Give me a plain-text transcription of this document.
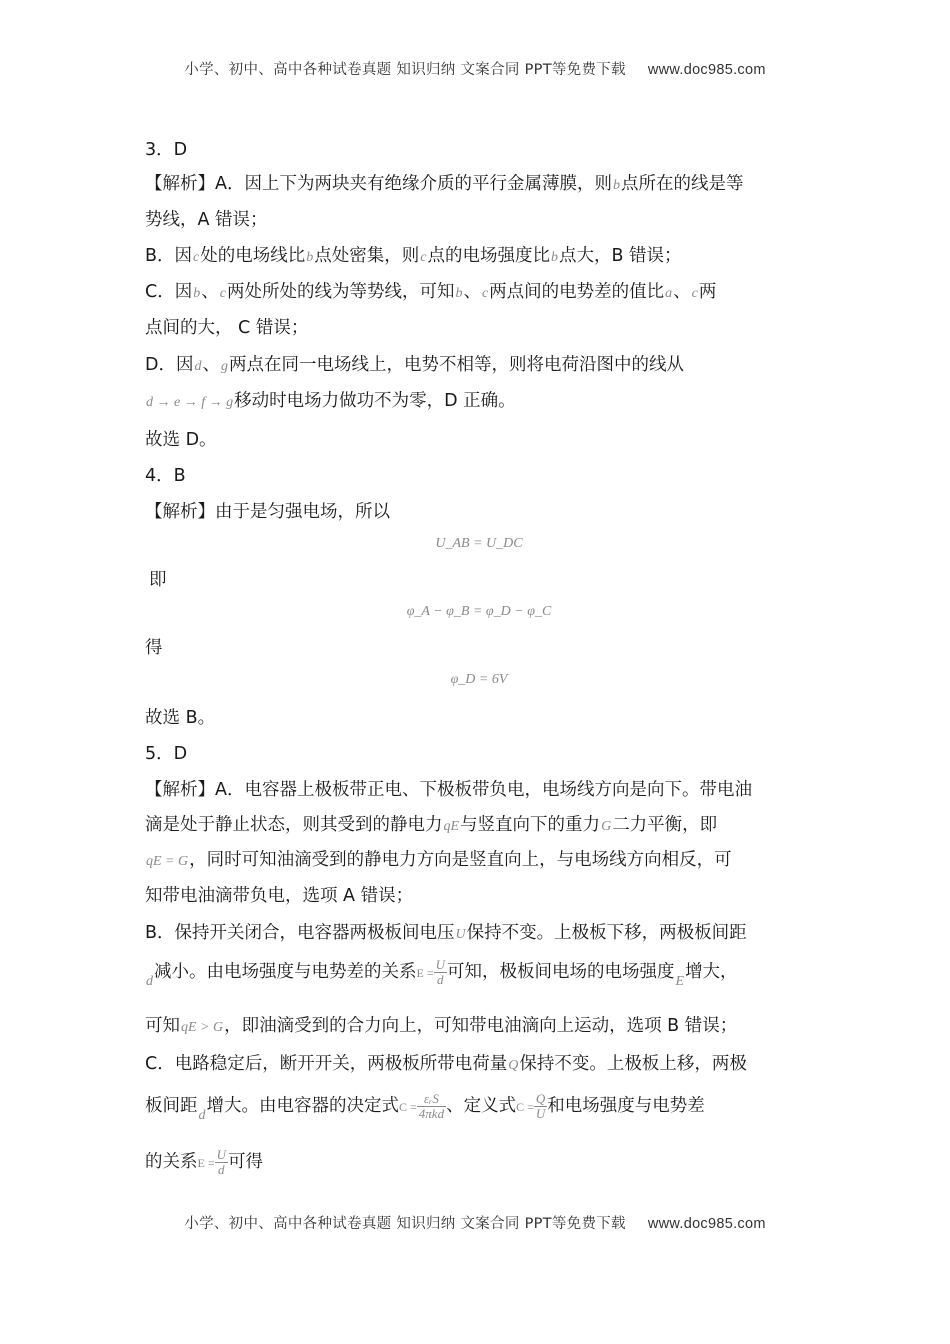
小学、初中、高中各种试卷真题 知识归纳 文案合同 PPT等免费下载 www.doc985.com
3．D
【解析】A．因上下为两块夹有绝缘介质的平行金属薄膜，则b点所在的线是等
势线，A 错误；
B．因c处的电场线比b点处密集，则c点的电场强度比b点大，B 错误；
C．因b、c两处所处的线为等势线，可知b、c两点间的电势差的值比a、c两
点间的大， C 错误；
D．因d、g两点在同一电场线上，电势不相等，则将电荷沿图中的线从
d → e → f → g移动时电场力做功不为零，D 正确。
故选 D。
4．B
【解析】由于是匀强电场，所以
U_AB = U_DC
即
φ_A − φ_B = φ_D − φ_C
得
φ_D = 6V
故选 B。
5．D
【解析】A．电容器上极板带正电、下极板带负电，电场线方向是向下。带电油
滴是处于静止状态，则其受到的静电力qE与竖直向下的重力G二力平衡，即
qE = G，同时可知油滴受到的静电力方向是竖直向上，与电场线方向相反，可
知带电油滴带负电，选项 A 错误；
B．保持开关闭合，电容器两极板间电压U保持不变。上极板下移，两极板间距
$_d$减小。由电场强度与电势差的关系$E = \frac{U}{d}$ 可知，极板间电场的电场强度$_E$增大，
可知qE > G，即油滴受到的合力向上，可知带电油滴向上运动，选项 B 错误；
C．电路稳定后，断开开关，两极板所带电荷量Q保持不变。上极板上移，两极
板间距$_d$增大。由电容器的决定式$C = \frac{\text{εᵣS}}{\text{4πkd}}$ 、定义式$C = \frac{Q}{U}$ 和电场强度与电势差
的关系$E = \frac{U}{d}$ 可得
小学、初中、高中各种试卷真题 知识归纳 文案合同 PPT等免费下载 www.doc985.com
